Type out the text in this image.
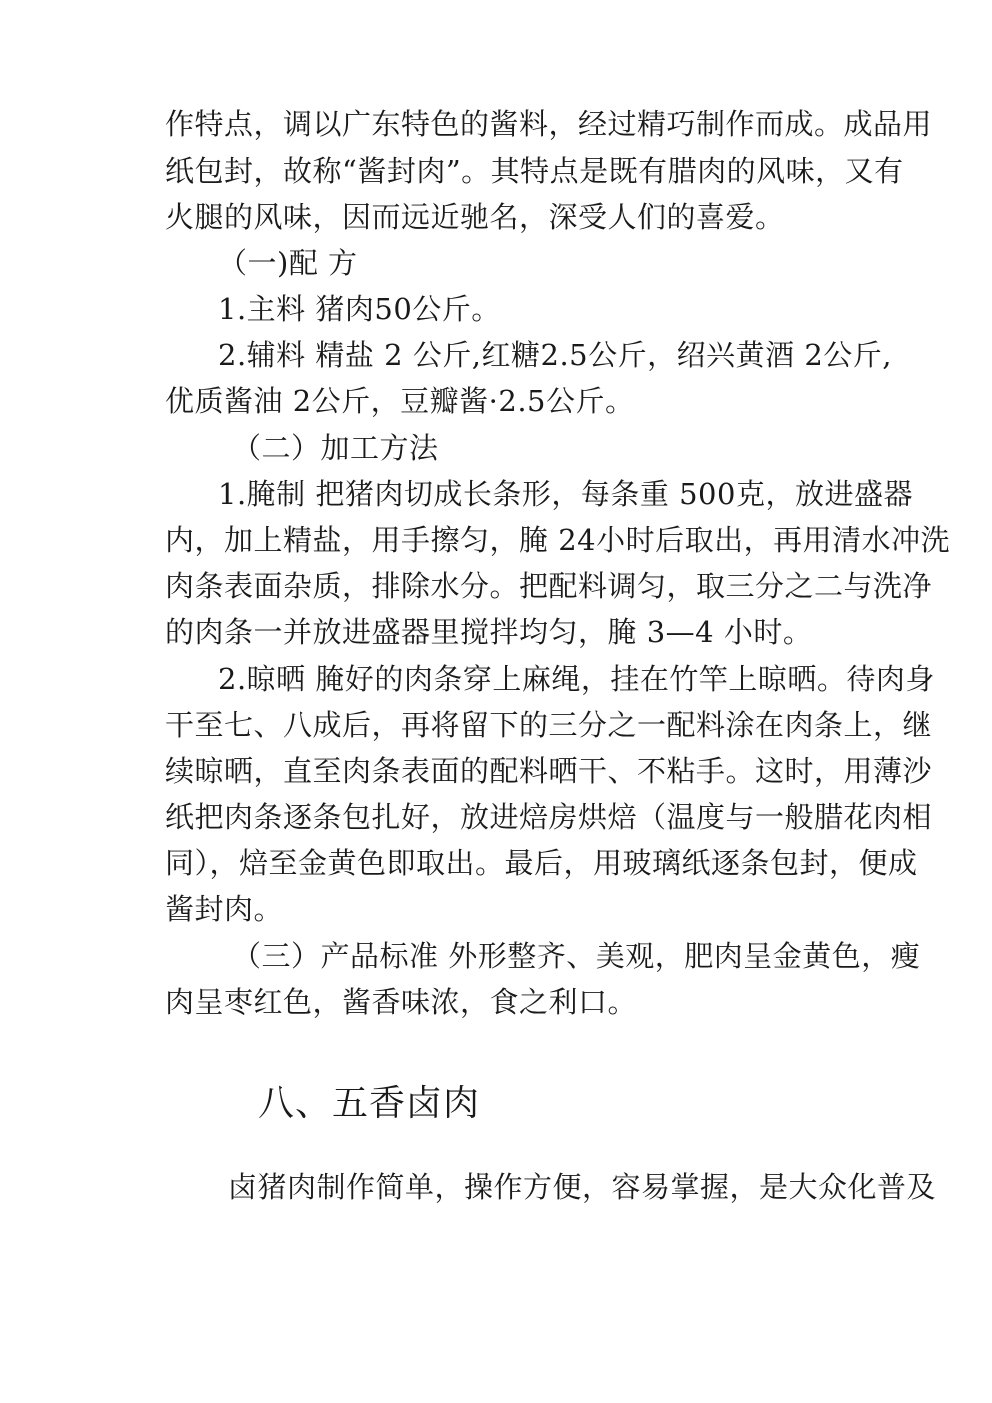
作特点，调以广东特色的酱料，经过精巧制作而成。成品用
纸包封，故称“酱封肉”。其特点是既有腊肉的风味，又有
火腿的风味，因而远近驰名，深受人们的喜爱。
（一)配 方
1.主料 猪肉50公斤。
2.辅料 精盐 2 公斤,红糖2.5公斤，绍兴黄酒 2公斤,
优质酱油 2公斤，豆瓣酱·2.5公斤。
（二）加工方法
1.腌制 把猪肉切成长条形，每条重 500克，放进盛器
内，加上精盐，用手擦匀，腌 24小时后取出，再用清水冲洗
肉条表面杂质，排除水分。把配料调匀，取三分之二与洗净
的肉条一并放进盛器里搅拌均匀，腌 3—4 小时。
2.晾晒 腌好的肉条穿上麻绳，挂在竹竿上晾晒。待肉身
干至七、八成后，再将留下的三分之一配料涂在肉条上，继
续晾晒，直至肉条表面的配料晒干、不粘手。这时，用薄沙
纸把肉条逐条包扎好，放进焙房烘焙（温度与一般腊花肉相
同），焙至金黄色即取出。最后，用玻璃纸逐条包封，便成
酱封肉。
（三）产品标准 外形整齐、美观，肥肉呈金黄色，瘦
肉呈枣红色，酱香味浓，食之利口。
八、五香卤肉
卤猪肉制作简单，操作方便，容易掌握，是大众化普及
